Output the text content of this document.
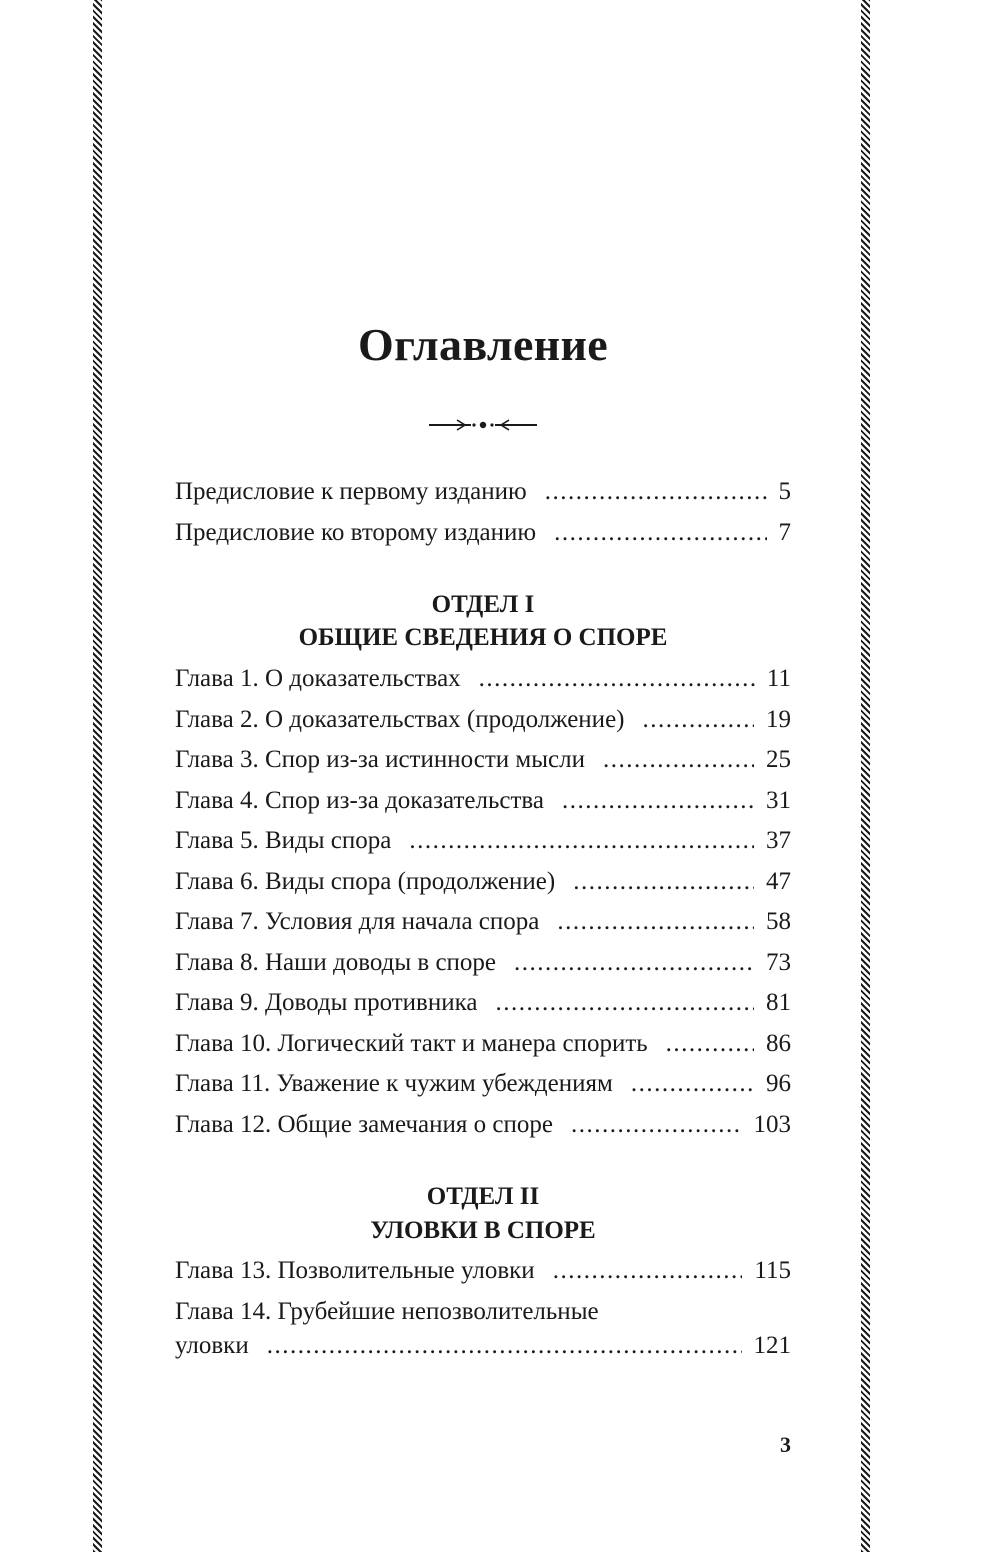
Оглавление
Предисловие к первому изданию .....	5
Предисловие ко второму изданию .....	7
ОТДЕЛ I
ОБЩИЕ СВЕДЕНИЯ О СПОРЕ
Глава 1. О доказательствах .....	11
Глава 2. О доказательствах (продолжение) .....	19
Глава 3. Спор из-за истинности мысли .....	25
Глава 4. Спор из-за доказательства .....	31
Глава 5. Виды спора .....	37
Глава 6. Виды спора (продолжение) .....	47
Глава 7. Условия для начала спора .....	58
Глава 8. Наши доводы в споре .....	73
Глава 9. Доводы противника .....	81
Глава 10. Логический такт и манера спорить .....	86
Глава 11. Уважение к чужим убеждениям .....	96
Глава 12. Общие замечания о споре .....	103
ОТДЕЛ II
УЛОВКИ В СПОРЕ
Глава 13. Позволительные уловки .....	115
Глава 14. Грубейшие непозволительные
уловки .....	121
3
